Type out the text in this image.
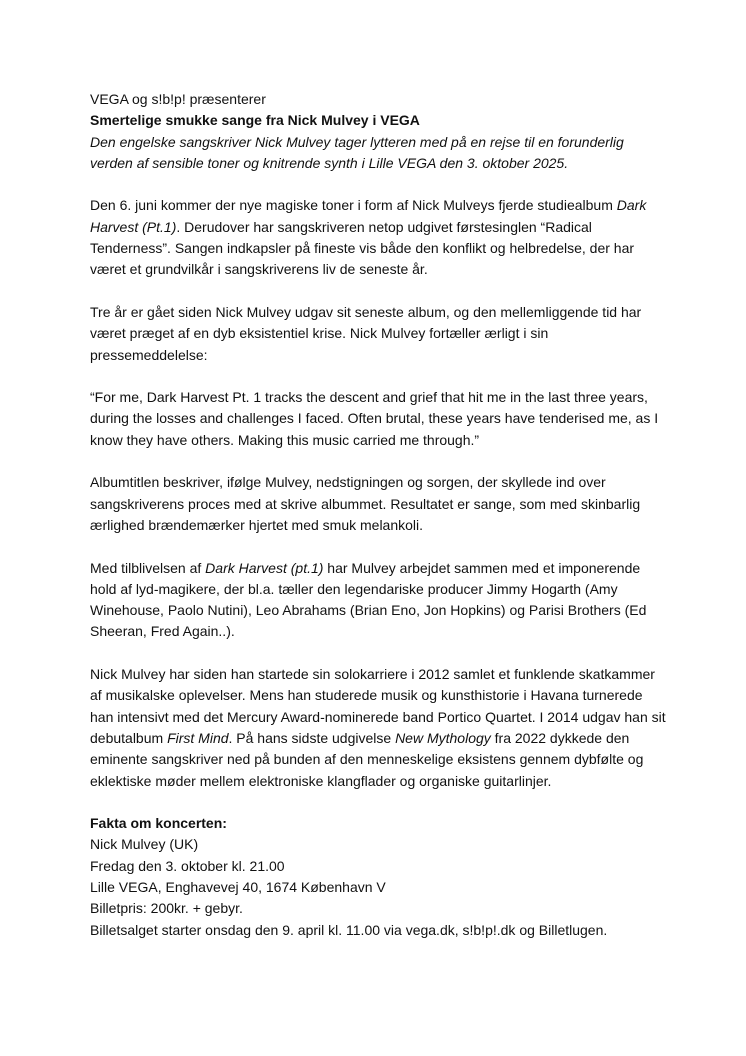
VEGA og s!b!p! præsenterer

Smertelige smukke sange fra Nick Mulvey i VEGA

Den engelske sangskriver Nick Mulvey tager lytteren med på en rejse til en forunderlig verden af sensible toner og knitrende synth i Lille VEGA den 3. oktober 2025.

Den 6. juni kommer der nye magiske toner i form af Nick Mulveys fjerde studiealbum Dark Harvest (Pt.1). Derudover har sangskriveren netop udgivet førstesinglen “Radical Tenderness”. Sangen indkapsler på fineste vis både den konflikt og helbredelse, der har været et grundvilkår i sangskriverens liv de seneste år.

Tre år er gået siden Nick Mulvey udgav sit seneste album, og den mellemliggende tid har været præget af en dyb eksistentiel krise. Nick Mulvey fortæller ærligt i sin pressemeddelelse:

“For me, Dark Harvest Pt. 1 tracks the descent and grief that hit me in the last three years, during the losses and challenges I faced. Often brutal, these years have tenderised me, as I know they have others. Making this music carried me through.”

Albumtitlen beskriver, ifølge Mulvey, nedstigningen og sorgen, der skyllede ind over sangskriverens proces med at skrive albummet. Resultatet er sange, som med skinbarlig ærlighed brændemærker hjertet med smuk melankoli.

Med tilblivelsen af Dark Harvest (pt.1) har Mulvey arbejdet sammen med et imponerende hold af lyd-magikere, der bl.a. tæller den legendariske producer Jimmy Hogarth (Amy Winehouse, Paolo Nutini), Leo Abrahams (Brian Eno, Jon Hopkins) og Parisi Brothers (Ed Sheeran, Fred Again..).

Nick Mulvey har siden han startede sin solokarriere i 2012 samlet et funklende skatkammer af musikalske oplevelser. Mens han studerede musik og kunsthistorie i Havana turnerede han intensivt med det Mercury Award-nominerede band Portico Quartet. I 2014 udgav han sit debutalbum First Mind. På hans sidste udgivelse New Mythology fra 2022 dykkede den eminente sangskriver ned på bunden af den menneskelige eksistens gennem dybfølte og eklektiske møder mellem elektroniske klangflader og organiske guitarlinjer.

Fakta om koncerten:

Nick Mulvey (UK)

Fredag den 3. oktober kl. 21.00

Lille VEGA, Enghavevej 40, 1674 København V

Billetpris: 200kr. + gebyr.

Billetsalget starter onsdag den 9. april kl. 11.00 via vega.dk, s!b!p!.dk og Billetlugen.
